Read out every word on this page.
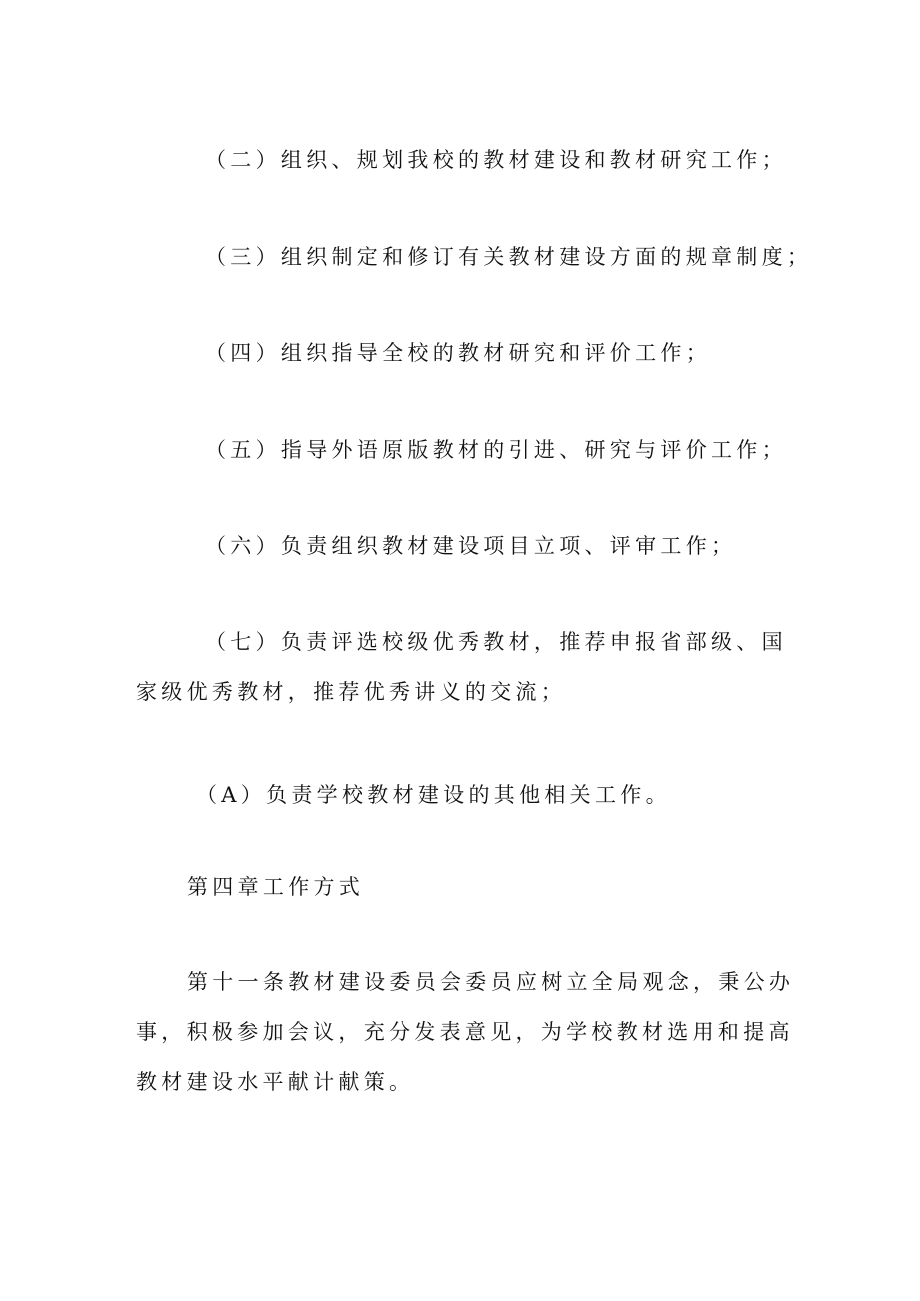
（二）组织、规划我校的教材建设和教材研究工作；

（三）组织制定和修订有关教材建设方面的规章制度；

（四）组织指导全校的教材研究和评价工作；

（五）指导外语原版教材的引进、研究与评价工作；

（六）负责组织教材建设项目立项、评审工作；

（七）负责评选校级优秀教材，推荐申报省部级、国家级优秀教材，推荐优秀讲义的交流；

（A）负责学校教材建设的其他相关工作。

第四章工作方式

第十一条教材建设委员会委员应树立全局观念，秉公办事，积极参加会议，充分发表意见，为学校教材选用和提高教材建设水平献计献策。
